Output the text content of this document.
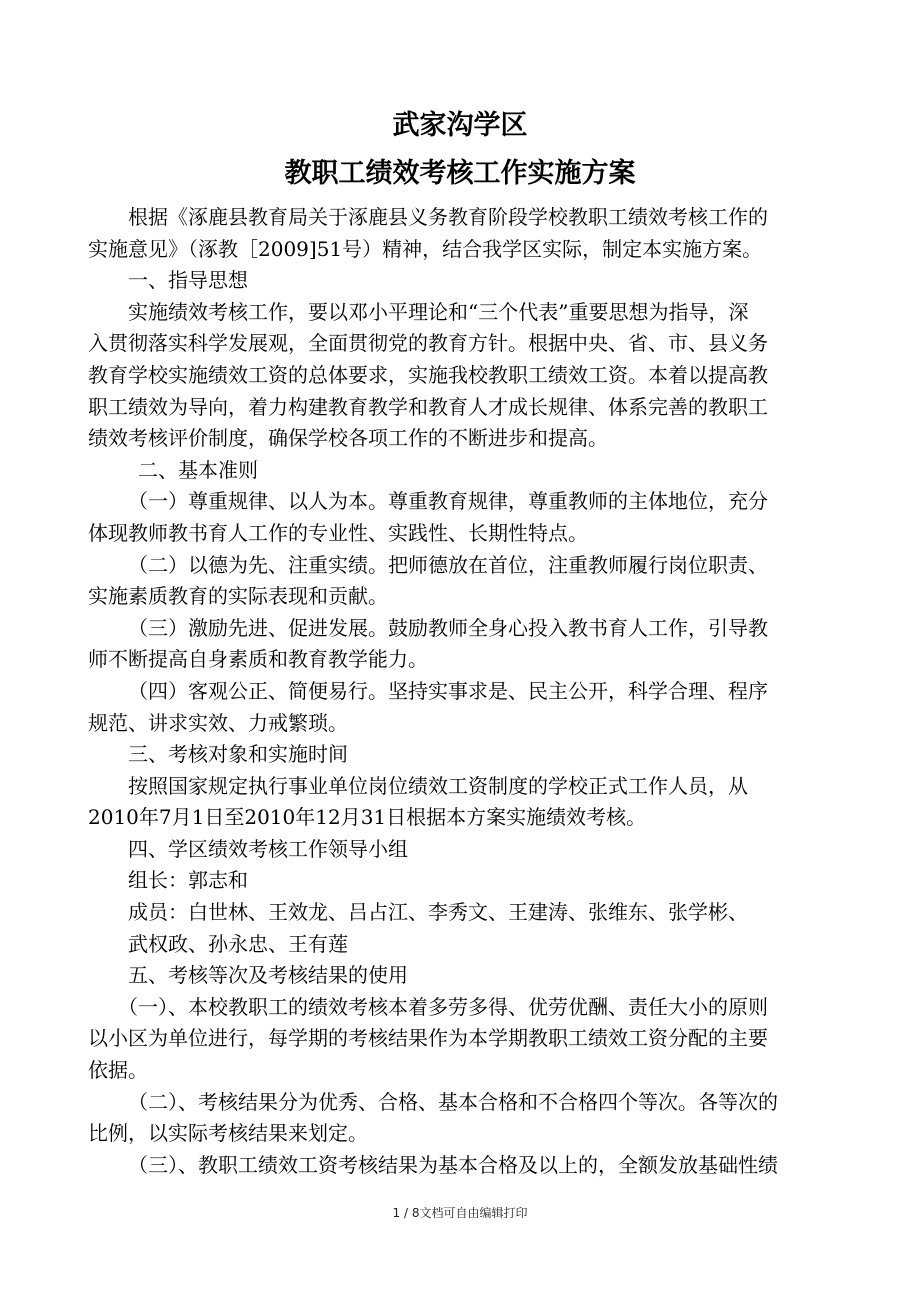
武家沟学区
教职工绩效考核工作实施方案

根据《涿鹿县教育局关于涿鹿县义务教育阶段学校教职工绩效考核工作的

实施意见》（涿教［2009]51号）精神，结合我学区实际，制定本实施方案。

一、指导思想

实施绩效考核工作，要以邓小平理论和“三个代表”重要思想为指导，深

入贯彻落实科学发展观，全面贯彻党的教育方针。根据中央、省、市、县义务

教育学校实施绩效工资的总体要求，实施我校教职工绩效工资。本着以提高教

职工绩效为导向，着力构建教育教学和教育人才成长规律、体系完善的教职工

绩效考核评价制度，确保学校各项工作的不断进步和提高。

二、基本准则

（一）尊重规律、以人为本。尊重教育规律，尊重教师的主体地位，充分

体现教师教书育人工作的专业性、实践性、长期性特点。

（二）以德为先、注重实绩。把师德放在首位，注重教师履行岗位职责、

实施素质教育的实际表现和贡献。

（三）激励先进、促进发展。鼓励教师全身心投入教书育人工作，引导教

师不断提高自身素质和教育教学能力。

（四）客观公正、简便易行。坚持实事求是、民主公开，科学合理、程序

规范、讲求实效、力戒繁琐。

三、考核对象和实施时间

按照国家规定执行事业单位岗位绩效工资制度的学校正式工作人员，从

2010年7月1日至2010年12月31日根据本方案实施绩效考核。

四、学区绩效考核工作领导小组

组长：郭志和

成员：白世林、王效龙、吕占江、李秀文、王建涛、张维东、张学彬、

武权政、孙永忠、王有莲

五、考核等次及考核结果的使用

（一）、本校教职工的绩效考核本着多劳多得、优劳优酬、责任大小的原则

以小区为单位进行，每学期的考核结果作为本学期教职工绩效工资分配的主要

依据。

（二）、考核结果分为优秀、合格、基本合格和不合格四个等次。各等次的

比例，以实际考核结果来划定。

（三）、教职工绩效工资考核结果为基本合格及以上的，全额发放基础性绩

1 / 8文档可自由编辑打印
